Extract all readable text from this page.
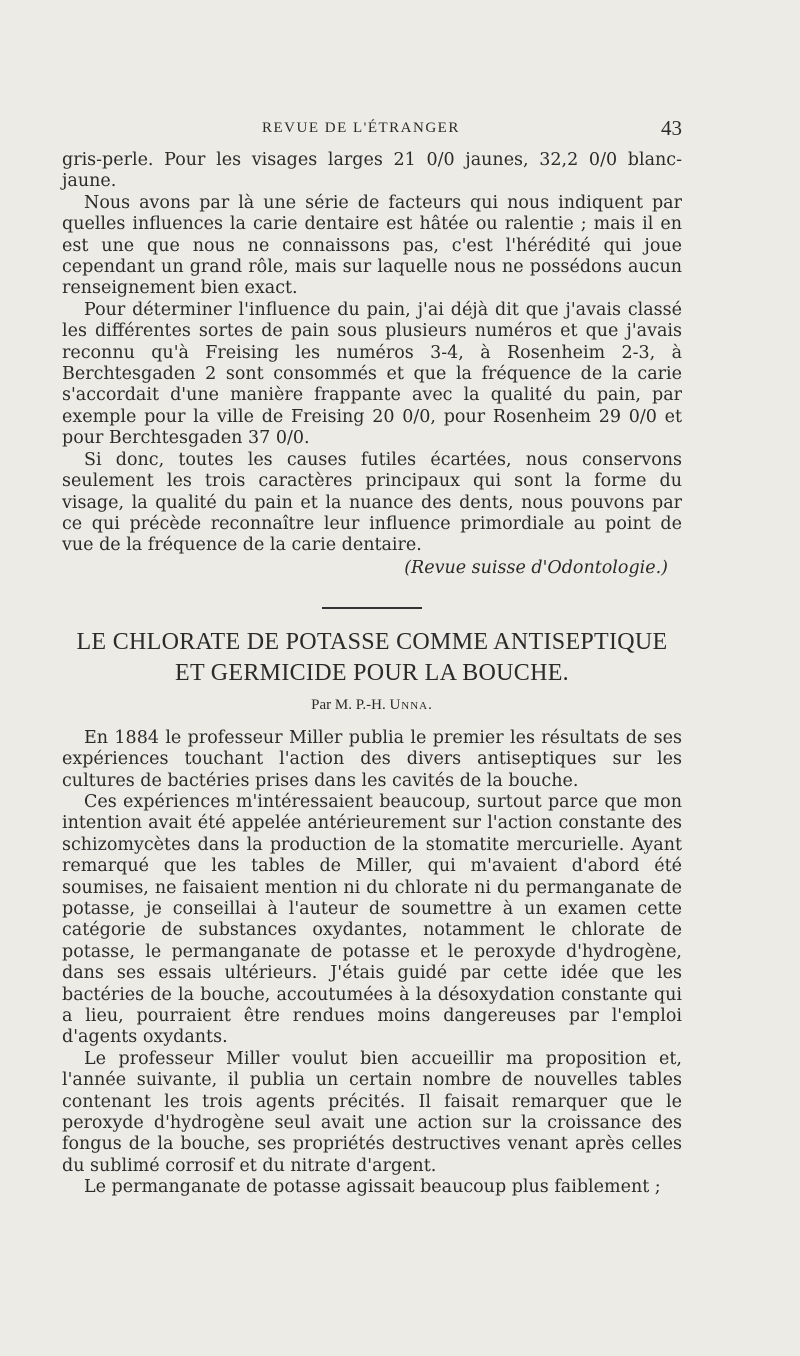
REVUE DE L'ÉTRANGER	43

gris-perle. Pour les visages larges 21 0/0 jaunes, 32,2 0/0 blanc-jaune.

Nous avons par là une série de facteurs qui nous indiquent par quelles influences la carie dentaire est hâtée ou ralentie ; mais il en est une que nous ne connaissons pas, c'est l'hérédité qui joue cependant un grand rôle, mais sur laquelle nous ne possédons aucun renseignement bien exact.

Pour déterminer l'influence du pain, j'ai déjà dit que j'avais classé les différentes sortes de pain sous plusieurs numéros et que j'avais reconnu qu'à Freising les numéros 3-4, à Rosenheim 2-3, à Berchtesgaden 2 sont consommés et que la fréquence de la carie s'accordait d'une manière frappante avec la qualité du pain, par exemple pour la ville de Freising 20 0/0, pour Rosenheim 29 0/0 et pour Berchtesgaden 37 0/0.

Si donc, toutes les causes futiles écartées, nous conservons seulement les trois caractères principaux qui sont la forme du visage, la qualité du pain et la nuance des dents, nous pouvons par ce qui précède reconnaître leur influence primordiale au point de vue de la fréquence de la carie dentaire.

(Revue suisse d'Odontologie.)

LE CHLORATE DE POTASSE COMME ANTISEPTIQUE
ET GERMICIDE POUR LA BOUCHE.
Par M. P.-H. Unna.

En 1884 le professeur Miller publia le premier les résultats de ses expériences touchant l'action des divers antiseptiques sur les cultures de bactéries prises dans les cavités de la bouche.

Ces expériences m'intéressaient beaucoup, surtout parce que mon intention avait été appelée antérieurement sur l'action constante des schizomycètes dans la production de la stomatite mercurielle. Ayant remarqué que les tables de Miller, qui m'avaient d'abord été soumises, ne faisaient mention ni du chlorate ni du permanganate de potasse, je conseillai à l'auteur de soumettre à un examen cette catégorie de substances oxydantes, notamment le chlorate de potasse, le permanganate de potasse et le peroxyde d'hydrogène, dans ses essais ultérieurs. J'étais guidé par cette idée que les bactéries de la bouche, accoutumées à la désoxydation constante qui a lieu, pourraient être rendues moins dangereuses par l'emploi d'agents oxydants.

Le professeur Miller voulut bien accueillir ma proposition et, l'année suivante, il publia un certain nombre de nouvelles tables contenant les trois agents précités. Il faisait remarquer que le peroxyde d'hydrogène seul avait une action sur la croissance des fongus de la bouche, ses propriétés destructives venant après celles du sublimé corrosif et du nitrate d'argent.

Le permanganate de potasse agissait beaucoup plus faiblement ;
